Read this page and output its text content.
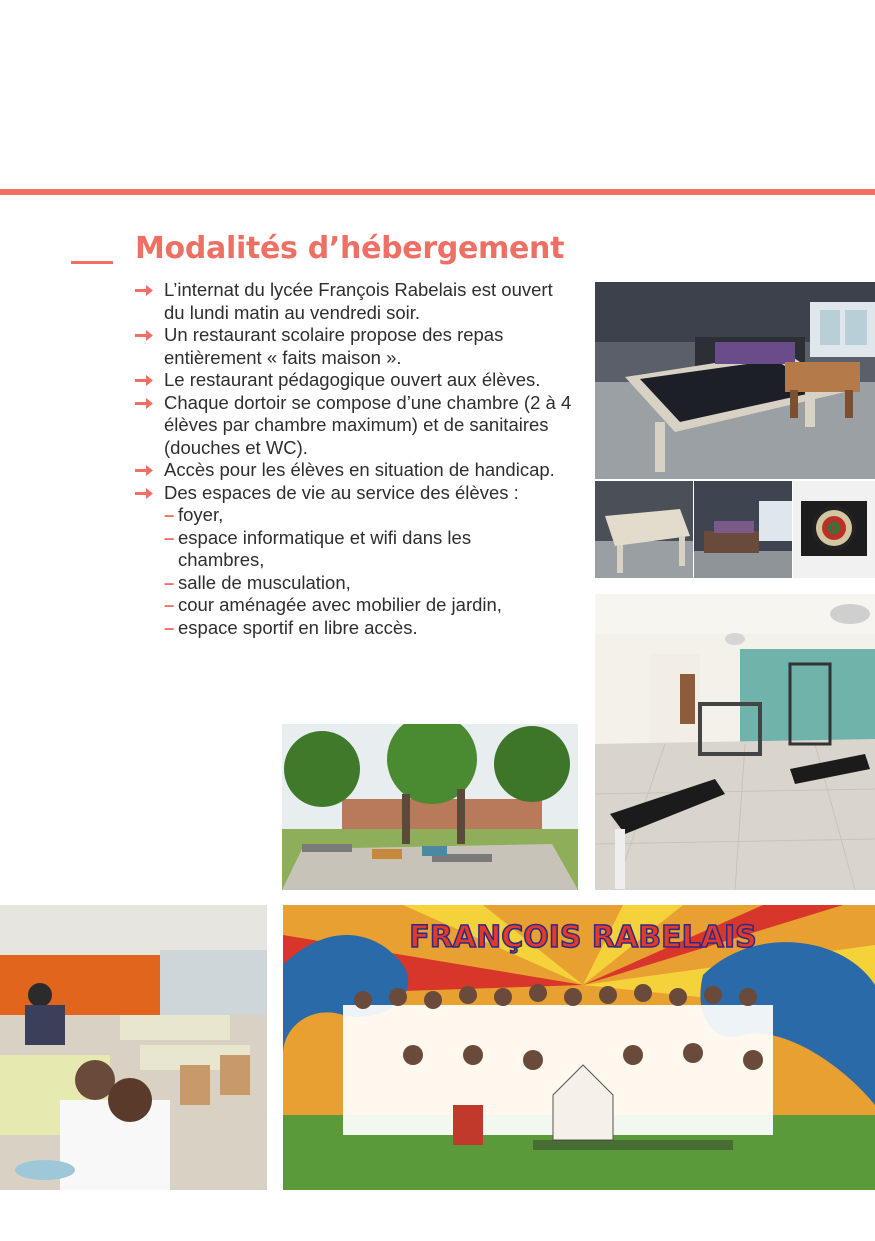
Modalités d’hébergement
L’internat du lycée François Rabelais est ouvert du lundi matin au vendredi soir.
Un restaurant scolaire propose des repas entièrement « faits maison ».
Le restaurant pédagogique ouvert aux élèves.
Chaque dortoir se compose d’une chambre (2 à 4 élèves par chambre maximum) et de sanitaires (douches et WC).
Accès pour les élèves en situation de handicap.
Des espaces de vie au service des élèves :
– foyer,
– espace informatique et wifi dans les chambres,
– salle de musculation,
– cour aménagée avec mobilier de jardin,
– espace sportif en libre accès.
FRANÇOIS RABELAIS
